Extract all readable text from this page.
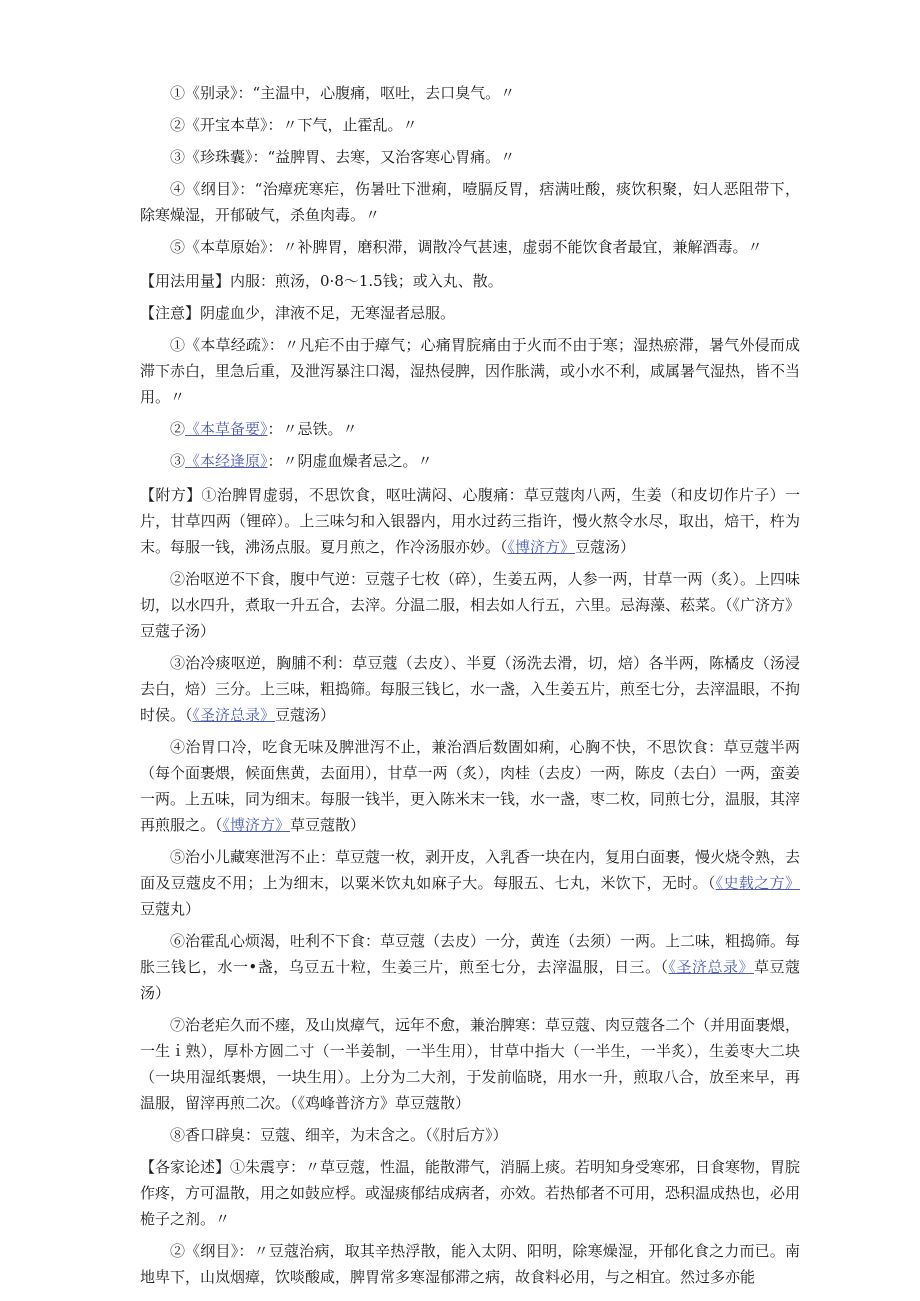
①《别录》：“主温中，心腹痛，呕吐，去口臭气。〃

②《开宝本草》：〃下气，止霍乱。〃

③《珍珠囊》：“益脾胃、去寒，又治客寒心胃痛。〃

④《纲目》：“治瘴疣寒疟，伤暑吐下泄痢，噎膈反胃，痞满吐酸，痰饮积聚，妇人恶阻带下，除寒燥湿，开郁破气，杀鱼肉毒。〃

⑤《本草原始》：〃补脾胃，磨积滞，调散冷气甚速，虚弱不能饮食者最宜，兼解酒毒。〃

【用法用量】内服：煎汤，0·8〜1.5钱；或入丸、散。

【注意】阴虚血少，津液不足，无寒湿者忌服。

①《本草经疏》：〃凡疟不由于瘴气；心痛胃脘痛由于火而不由于寒；湿热瘀滞，暑气外侵而成滞下赤白，里急后重，及泄泻暴注口渴，湿热侵脾，因作胀满，或小水不利，咸属暑气湿热，皆不当用。〃

②《本草备要》：〃忌铁。〃

③《本经逢原》：〃阴虚血燥者忌之。〃

【附方】①治脾胃虚弱，不思饮食，呕吐满闷、心腹痛：草豆蔻肉八两，生姜（和皮切作片子）一片，甘草四两（锂碎）。上三味匀和入银器内，用水过药三指许，慢火熬令水尽，取出，焙干，杵为末。每服一钱，沸汤点服。夏月煎之，作冷汤服亦妙。（《博济方》豆蔻汤）

②治呕逆不下食，腹中气逆：豆蔻子七枚（碎），生姜五两，人参一两，甘草一两（炙）。上四味切，以水四升，煮取一升五合，去滓。分温二服，相去如人行五，六里。忌海藻、菘菜。（《广济方》豆蔻子汤）

③治冷痰呕逆，胸脯不利：草豆蔻（去皮）、半夏（汤洗去滑，切，焙）各半两，陈橘皮（汤浸去白，焙）三分。上三味，粗捣筛。每服三钱匕，水一盏，入生姜五片，煎至七分，去滓温眼，不拘时侯。（《圣济总录》豆蔻汤）

④治胃口冷，吃食无味及脾泄泻不止，兼治酒后数圊如痢，心胸不快，不思饮食：草豆蔻半两（每个面裹煨，候面焦黄，去面用），甘草一两（炙），肉桂（去皮）一两，陈皮（去白）一两，蛮姜一两。上五味，同为细末。每服一钱半，更入陈米末一钱，水一盏，枣二枚，同煎七分，温服，其滓再煎服之。（《博济方》草豆蔻散）

⑤治小儿藏寒泄泻不止：草豆蔻一枚，剥开皮，入乳香一块在内，复用白面裹，慢火烧令熟，去面及豆蔻皮不用；上为细末，以粟米饮丸如麻子大。每服五、七丸，米饮下，无时。（《史载之方》豆蔻丸）

⑥治霍乱心烦渴，吐利不下食：草豆蔻（去皮）一分，黄连（去须）一两。上二味，粗捣筛。每胀三钱匕，水一•盏，乌豆五十粒，生姜三片，煎至七分，去滓温服，日三。（《圣济总录》草豆蔻汤）

⑦治老疟久而不瘗，及山岚瘴气，远年不愈，兼治脾寒：草豆蔻、肉豆蔻各二个（并用面裹煨，一生ｉ熟），厚朴方圆二寸（一半姜制，一半生用），甘草中指大（一半生，一半炙），生姜枣大二块（一块用湿纸裹煨，一块生用）。上分为二大剂，于发前临晓，用水一升，煎取八合，放至来早，再温服，留滓再煎二次。（《鸡峰普济方》草豆蔻散）

⑧香口辟臭：豆蔻、细辛，为末含之。（《肘后方》）

【各家论述】①朱震亨：〃草豆蔻，性温，能散滞气，消膈上痰。若明知身受寒邪，日食寒物，胃脘作疼，方可温散，用之如鼓应桴。或湿痰郁结成病者，亦效。若热郁者不可用，恐积温成热也，必用桅子之剂。〃

②《纲目》：〃豆蔻治病，取其辛热浮散，能入太阴、阳明，除寒燥湿，开郁化食之力而已。南地卑下，山岚烟瘴，饮啖酸咸，脾胃常多寒湿郁滞之病，故食料必用，与之相宜。然过多亦能
